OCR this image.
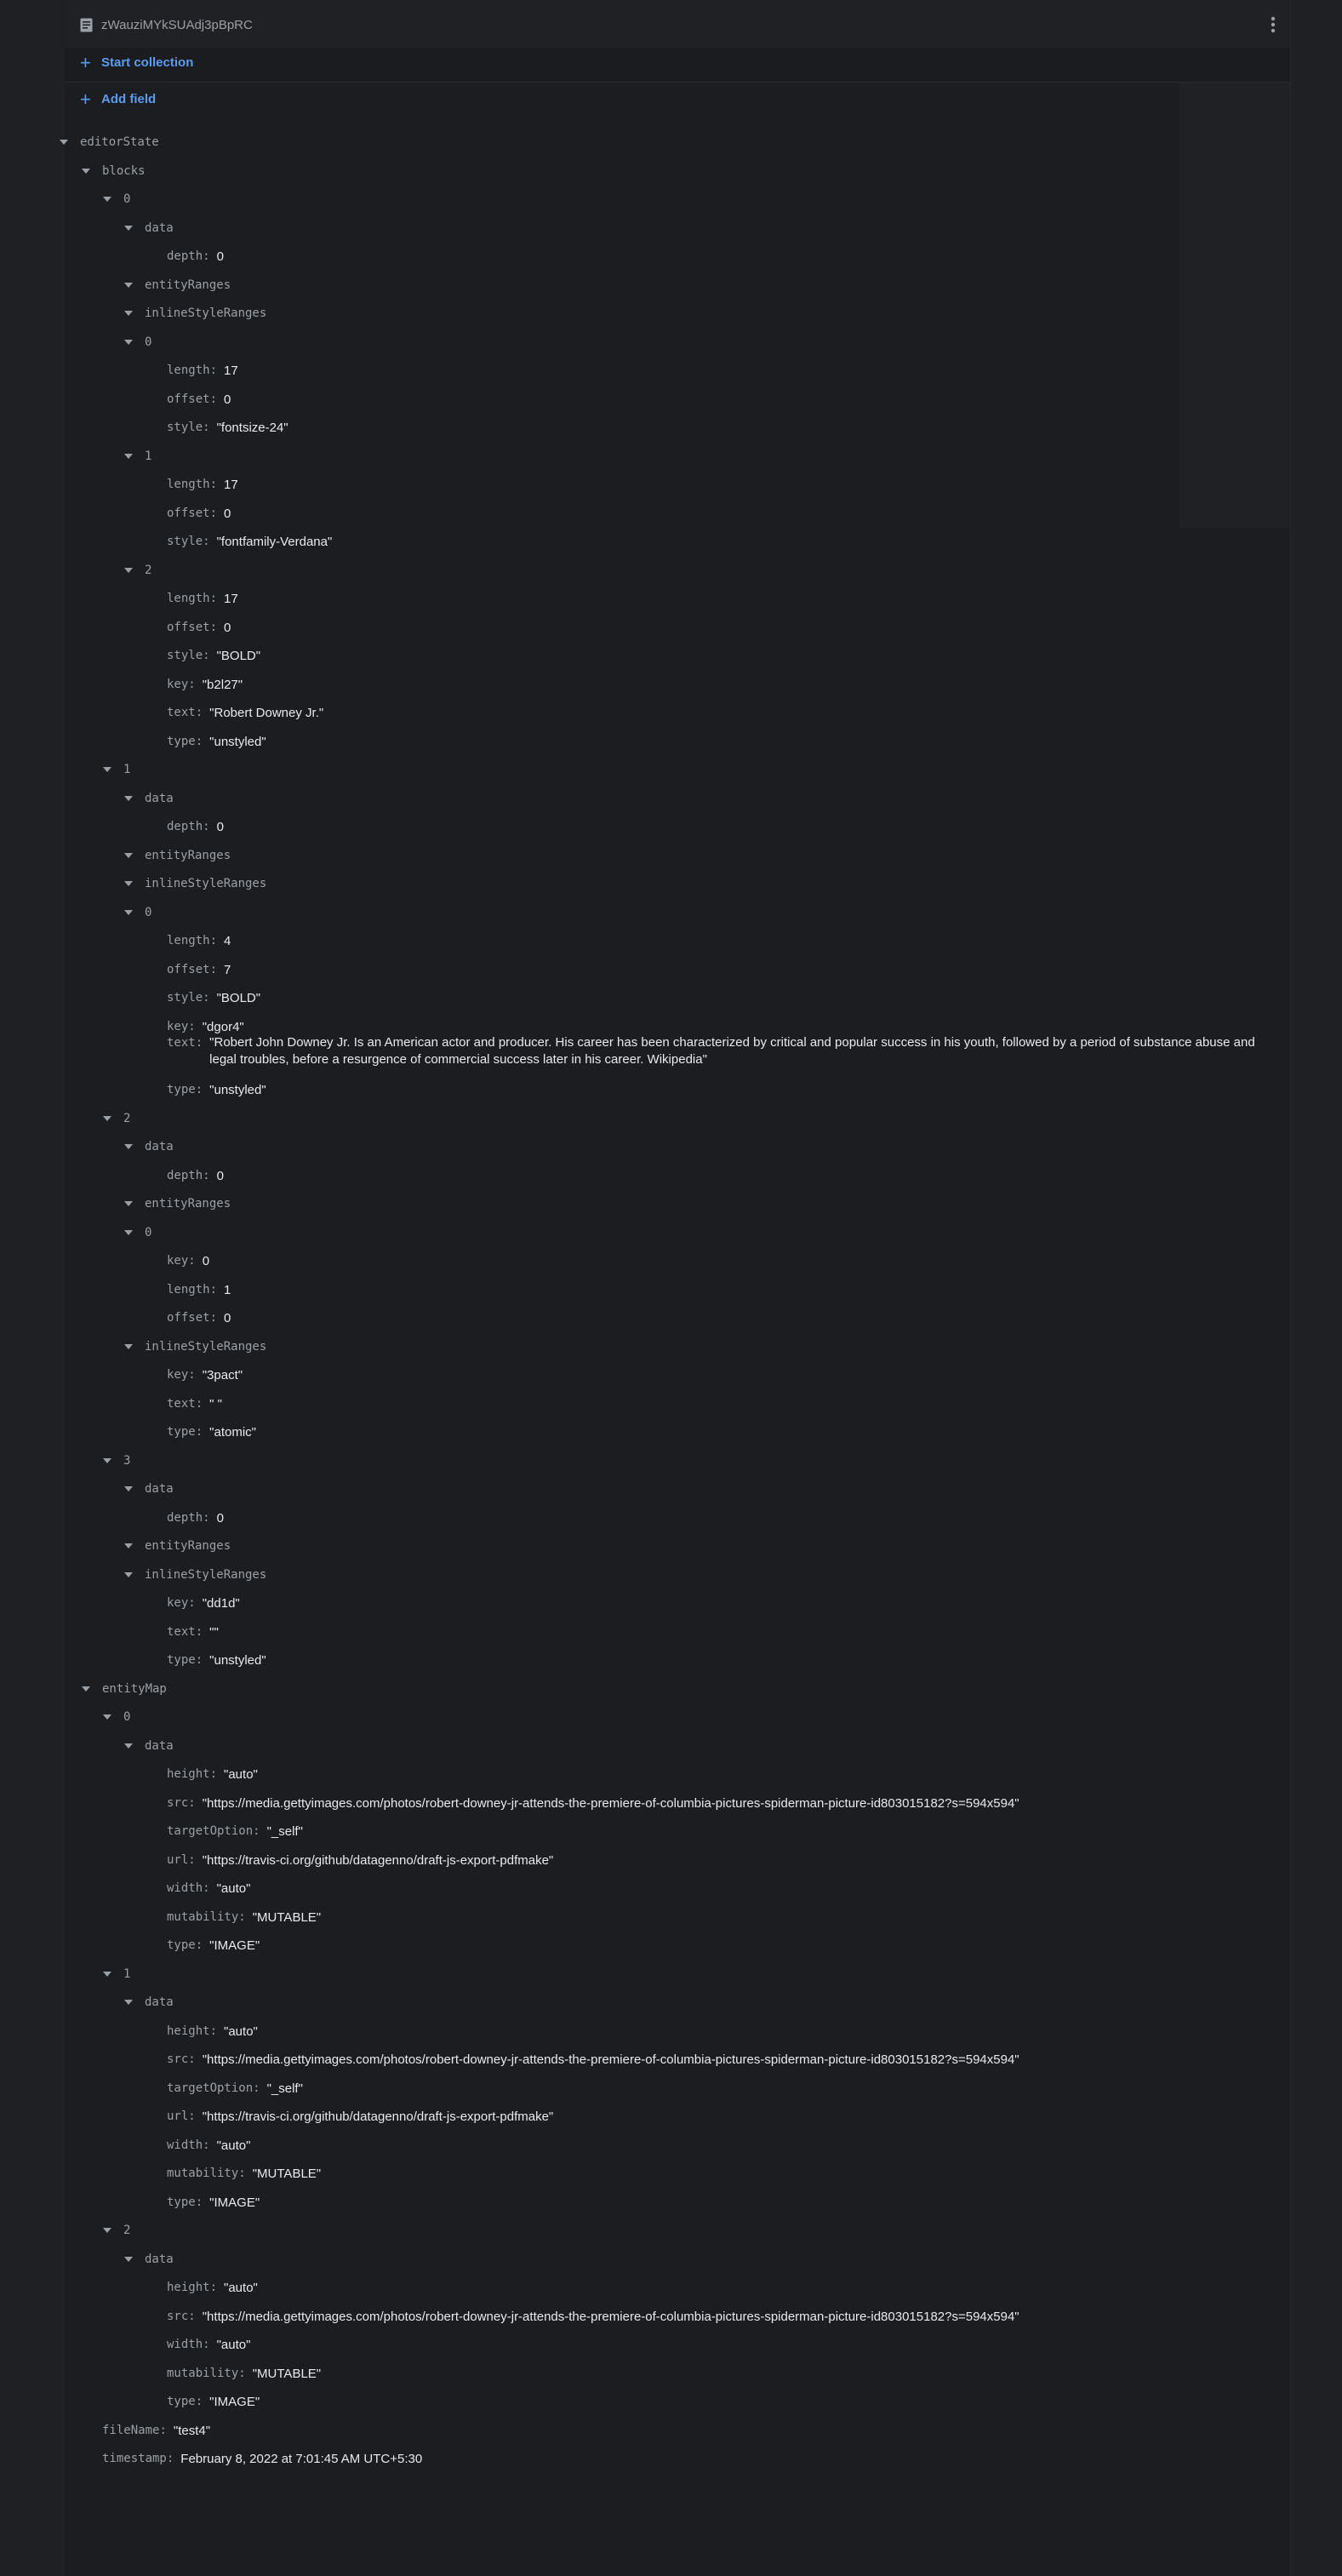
zWauziMYkSUAdj3pBpRC
+ Start collection
+ Add field
editorState
blocks
0
data
depth : 0
entityRanges
inlineStyleRanges
0
length : 17
offset : 0
style : "fontsize-24"
1
length : 17
offset : 0
style : "fontfamily-Verdana"
2
length : 17
offset : 0
style : "BOLD"
key : "b2l27"
text : "Robert Downey Jr."
type : "unstyled"
1
data
depth : 0
entityRanges
inlineStyleRanges
0
length : 4
offset : 7
style : "BOLD"
key : "dgor4"
text : "Robert John Downey Jr. Is an American actor and producer. His career has been characterized by critical and popular success in his youth, followed by a period of substance abuse and legal troubles, before a resurgence of commercial success later in his career. Wikipedia"
type : "unstyled"
2
data
depth : 0
entityRanges
0
key : 0
length : 1
offset : 0
inlineStyleRanges
key : "3pact"
text : " "
type : "atomic"
3
data
depth : 0
entityRanges
inlineStyleRanges
key : "dd1d"
text : ""
type : "unstyled"
entityMap
0
data
height : "auto"
src : "https://media.gettyimages.com/photos/robert-downey-jr-attends-the-premiere-of-columbia-pictures-spiderman-picture-id803015182?s=594x594"
targetOption : "_self"
url : "https://travis-ci.org/github/datagenno/draft-js-export-pdfmake"
width : "auto"
mutability : "MUTABLE"
type : "IMAGE"
1
data
height : "auto"
src : "https://media.gettyimages.com/photos/robert-downey-jr-attends-the-premiere-of-columbia-pictures-spiderman-picture-id803015182?s=594x594"
targetOption : "_self"
url : "https://travis-ci.org/github/datagenno/draft-js-export-pdfmake"
width : "auto"
mutability : "MUTABLE"
type : "IMAGE"
2
data
height : "auto"
src : "https://media.gettyimages.com/photos/robert-downey-jr-attends-the-premiere-of-columbia-pictures-spiderman-picture-id803015182?s=594x594"
width : "auto"
mutability : "MUTABLE"
type : "IMAGE"
fileName : "test4"
timestamp : February 8, 2022 at 7:01:45 AM UTC+5:30
